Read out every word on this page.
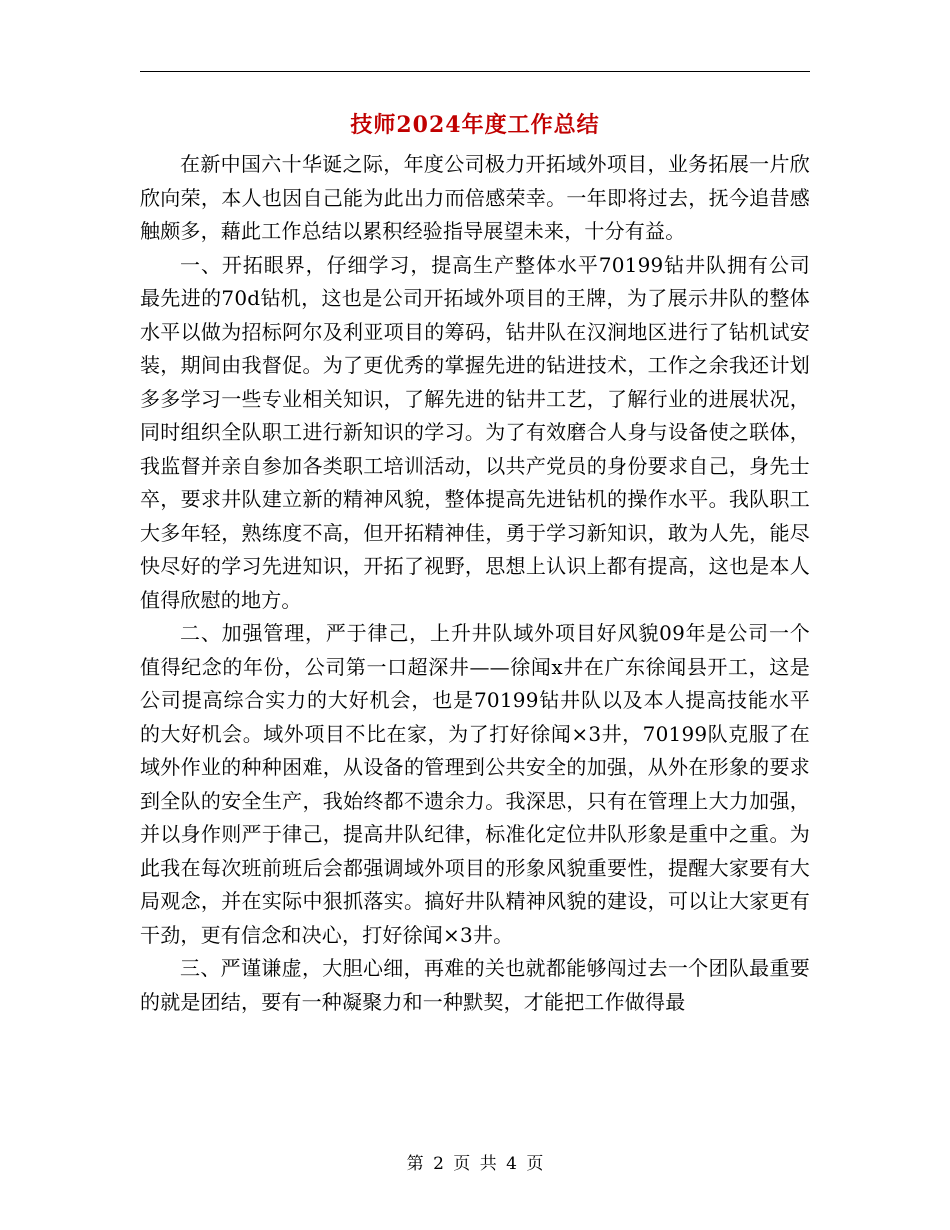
技师2024年度工作总结

在新中国六十华诞之际，年度公司极力开拓域外项目，业务拓展一片欣欣向荣，本人也因自己能为此出力而倍感荣幸。一年即将过去，抚今追昔感触颇多，藉此工作总结以累积经验指导展望未来，十分有益。

一、开拓眼界，仔细学习，提高生产整体水平70199钻井队拥有公司最先进的70d钻机，这也是公司开拓域外项目的王牌，为了展示井队的整体水平以做为招标阿尔及利亚项目的筹码，钻井队在汉涧地区进行了钻机试安装，期间由我督促。为了更优秀的掌握先进的钻进技术，工作之余我还计划多多学习一些专业相关知识，了解先进的钻井工艺，了解行业的进展状况，同时组织全队职工进行新知识的学习。为了有效磨合人身与设备使之联体，我监督并亲自参加各类职工培训活动，以共产党员的身份要求自己，身先士卒，要求井队建立新的精神风貌，整体提高先进钻机的操作水平。我队职工大多年轻，熟练度不高，但开拓精神佳，勇于学习新知识，敢为人先，能尽快尽好的学习先进知识，开拓了视野，思想上认识上都有提高，这也是本人值得欣慰的地方。

二、加强管理，严于律己，上升井队域外项目好风貌09年是公司一个值得纪念的年份，公司第一口超深井——徐闻x井在广东徐闻县开工，这是公司提高综合实力的大好机会，也是70199钻井队以及本人提高技能水平的大好机会。域外项目不比在家，为了打好徐闻×3井，70199队克服了在域外作业的种种困难，从设备的管理到公共安全的加强，从外在形象的要求到全队的安全生产，我始终都不遗余力。我深思，只有在管理上大力加强，并以身作则严于律己，提高井队纪律，标准化定位井队形象是重中之重。为此我在每次班前班后会都强调域外项目的形象风貌重要性，提醒大家要有大局观念，并在实际中狠抓落实。搞好井队精神风貌的建设，可以让大家更有干劲，更有信念和决心，打好徐闻×3井。

三、严谨谦虚，大胆心细，再难的关也就都能够闯过去一个团队最重要的就是团结，要有一种凝聚力和一种默契，才能把工作做得最

第 2 页 共 4 页
